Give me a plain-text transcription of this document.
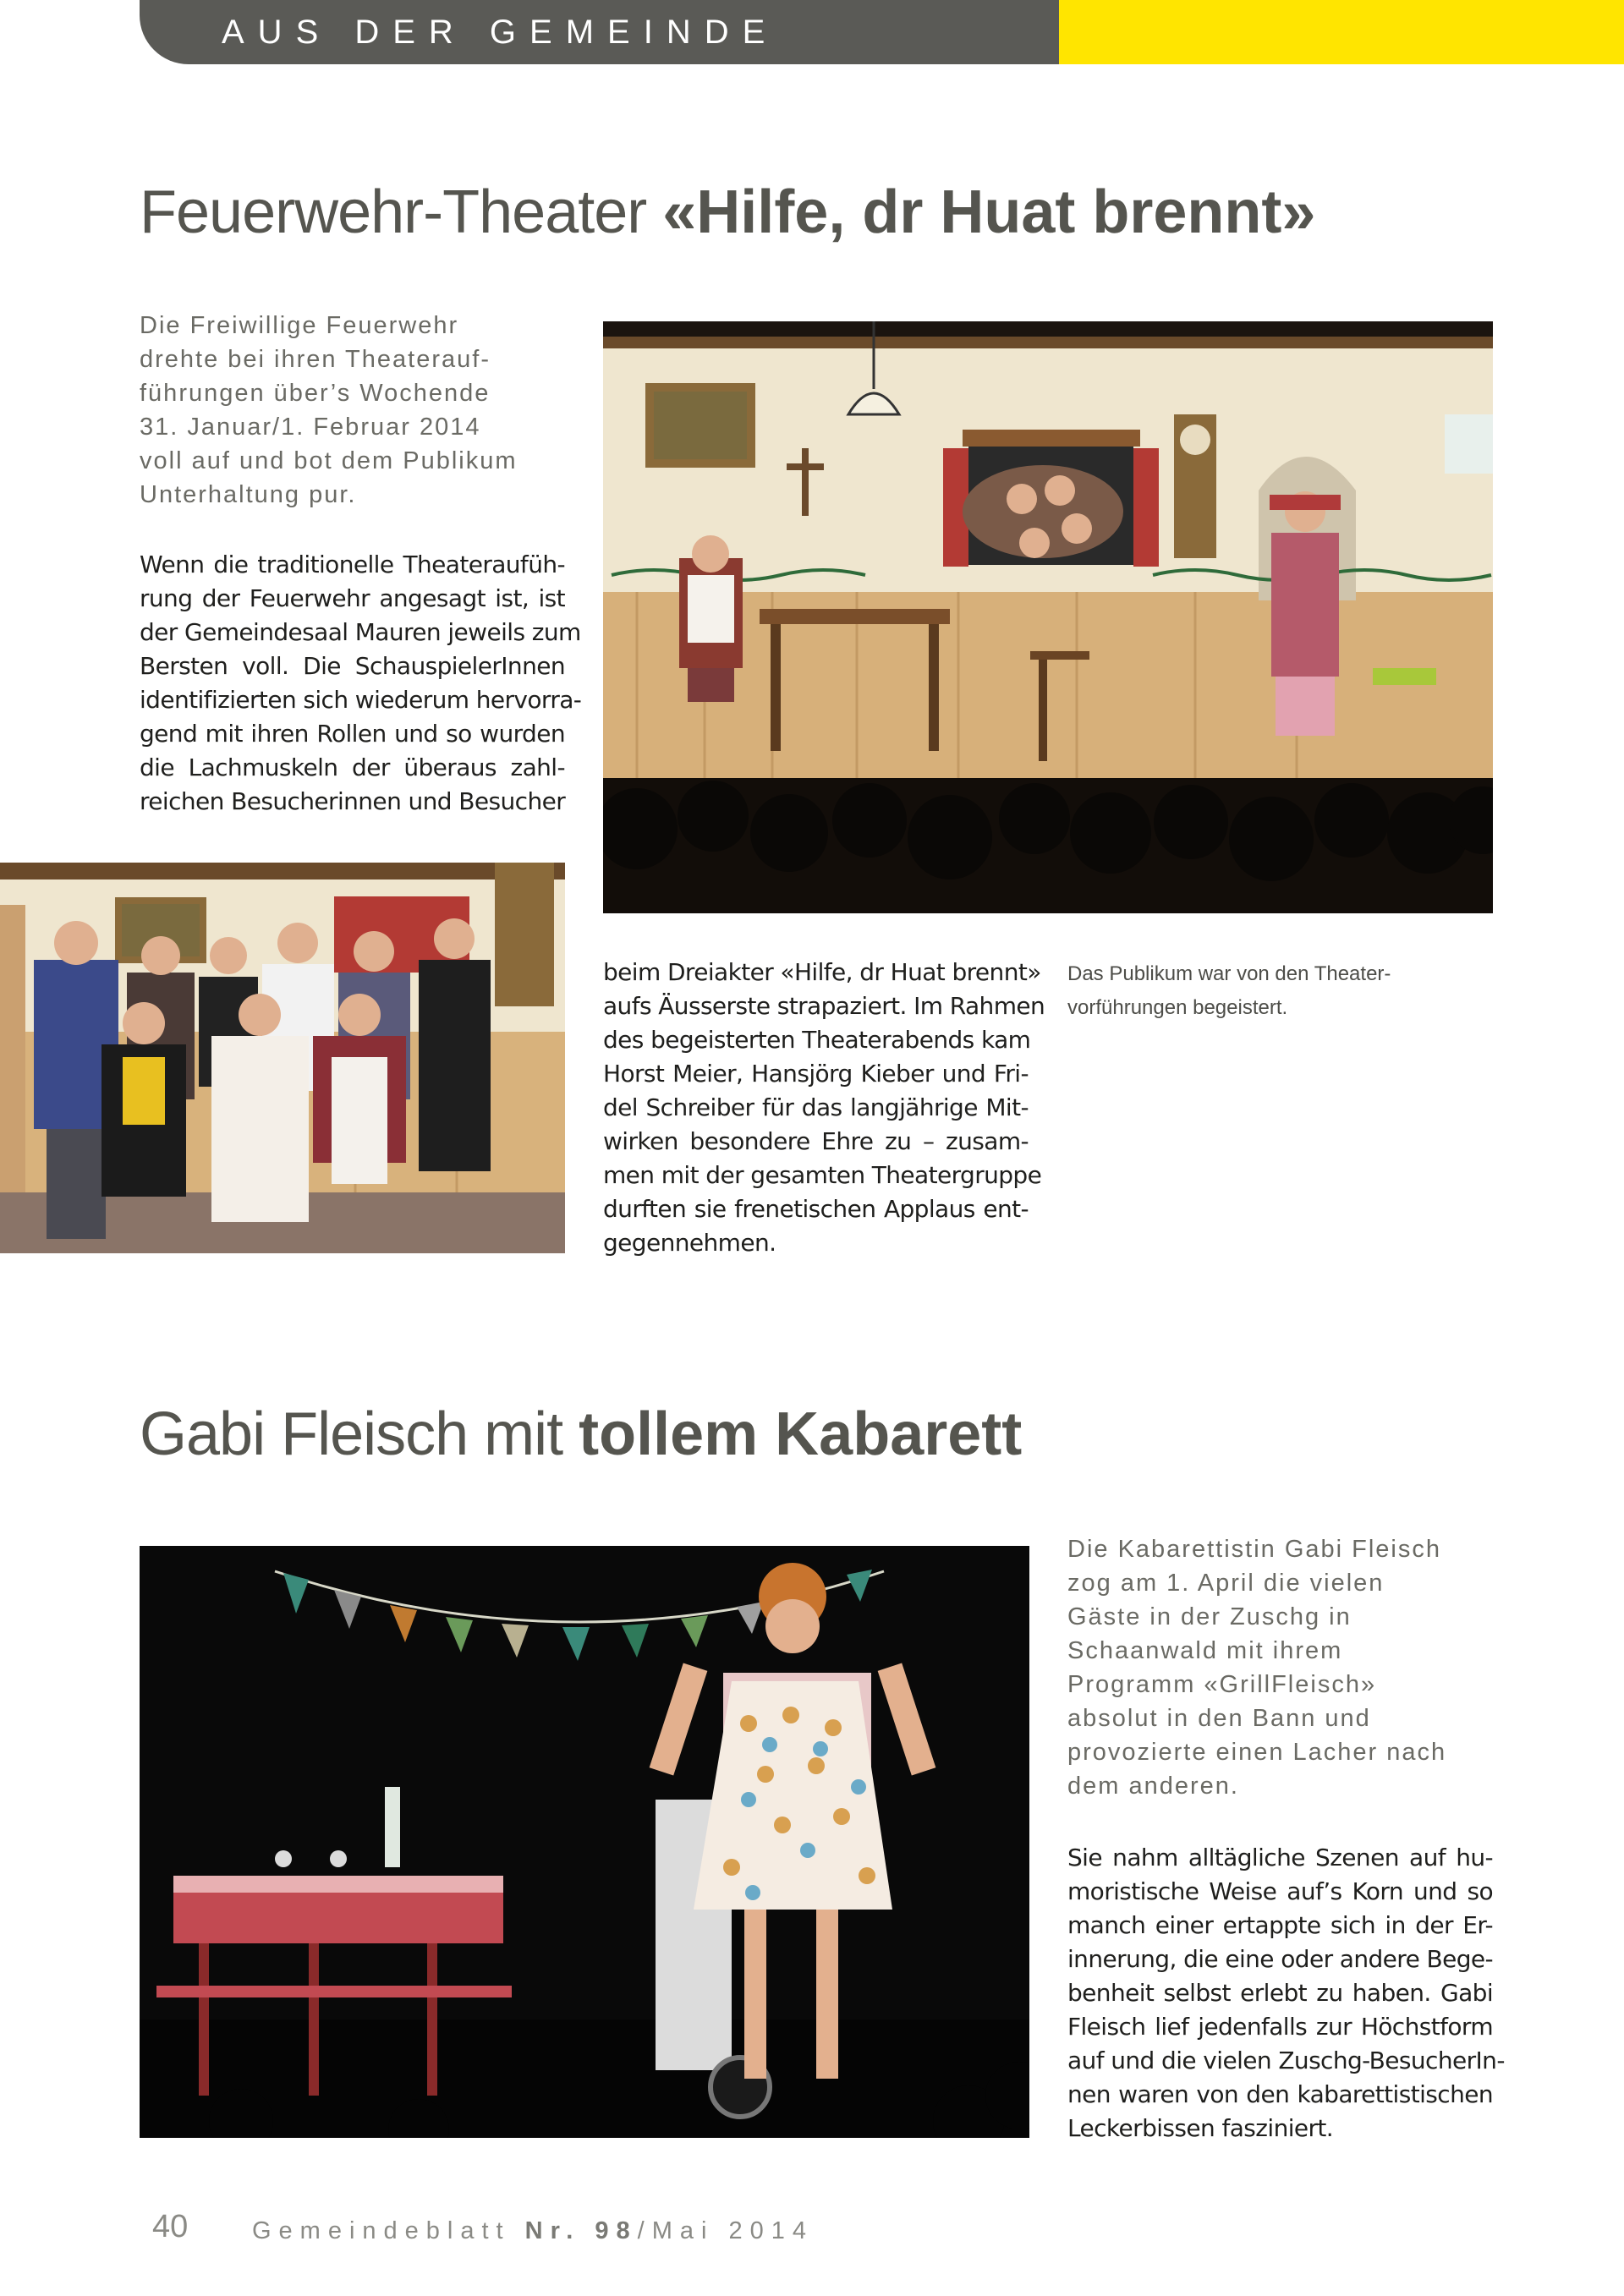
AUS DER GEMEINDE
Feuerwehr-Theater «Hilfe, dr Huat brennt»
Die Freiwillige Feuerwehr
drehte bei ihren Theaterauf-
führungen über’s Wochende
31. Januar/1. Februar 2014
voll auf und bot dem Publikum
Unterhaltung pur.
Wenn die traditionelle Theateraufüh-
rung der Feuerwehr angesagt ist, ist
der Gemeindesaal Mauren jeweils zum
Bersten voll. Die SchauspielerInnen
identifizierten sich wiederum hervorra-
gend mit ihren Rollen und so wurden
die Lachmuskeln der überaus zahl-
reichen Besucherinnen und Besucher
beim Dreiakter «Hilfe, dr Huat brennt»
aufs Äusserste strapaziert. Im Rahmen
des begeisterten Theaterabends kam
Horst Meier, Hansjörg Kieber und Fri-
del Schreiber für das langjährige Mit-
wirken besondere Ehre zu – zusam-
men mit der gesamten Theatergruppe
durften sie frenetischen Applaus ent-
gegennehmen.
Das Publikum war von den Theater-
vorführungen begeistert.
Gabi Fleisch mit tollem Kabarett
Die Kabarettistin Gabi Fleisch
zog am 1. April die vielen
Gäste in der Zuschg in
Schaanwald mit ihrem
Programm «GrillFleisch»
absolut in den Bann und
provozierte einen Lacher nach
dem anderen.
Sie nahm alltägliche Szenen auf hu-
moristische Weise auf’s Korn und so
manch einer ertappte sich in der Er-
innerung, die eine oder andere Bege-
benheit selbst erlebt zu haben. Gabi
Fleisch lief jedenfalls zur Höchstform
auf und die vielen Zuschg-BesucherIn-
nen waren von den kabarettistischen
Leckerbissen fasziniert.
40	Gemeindeblatt Nr. 98/Mai 2014
